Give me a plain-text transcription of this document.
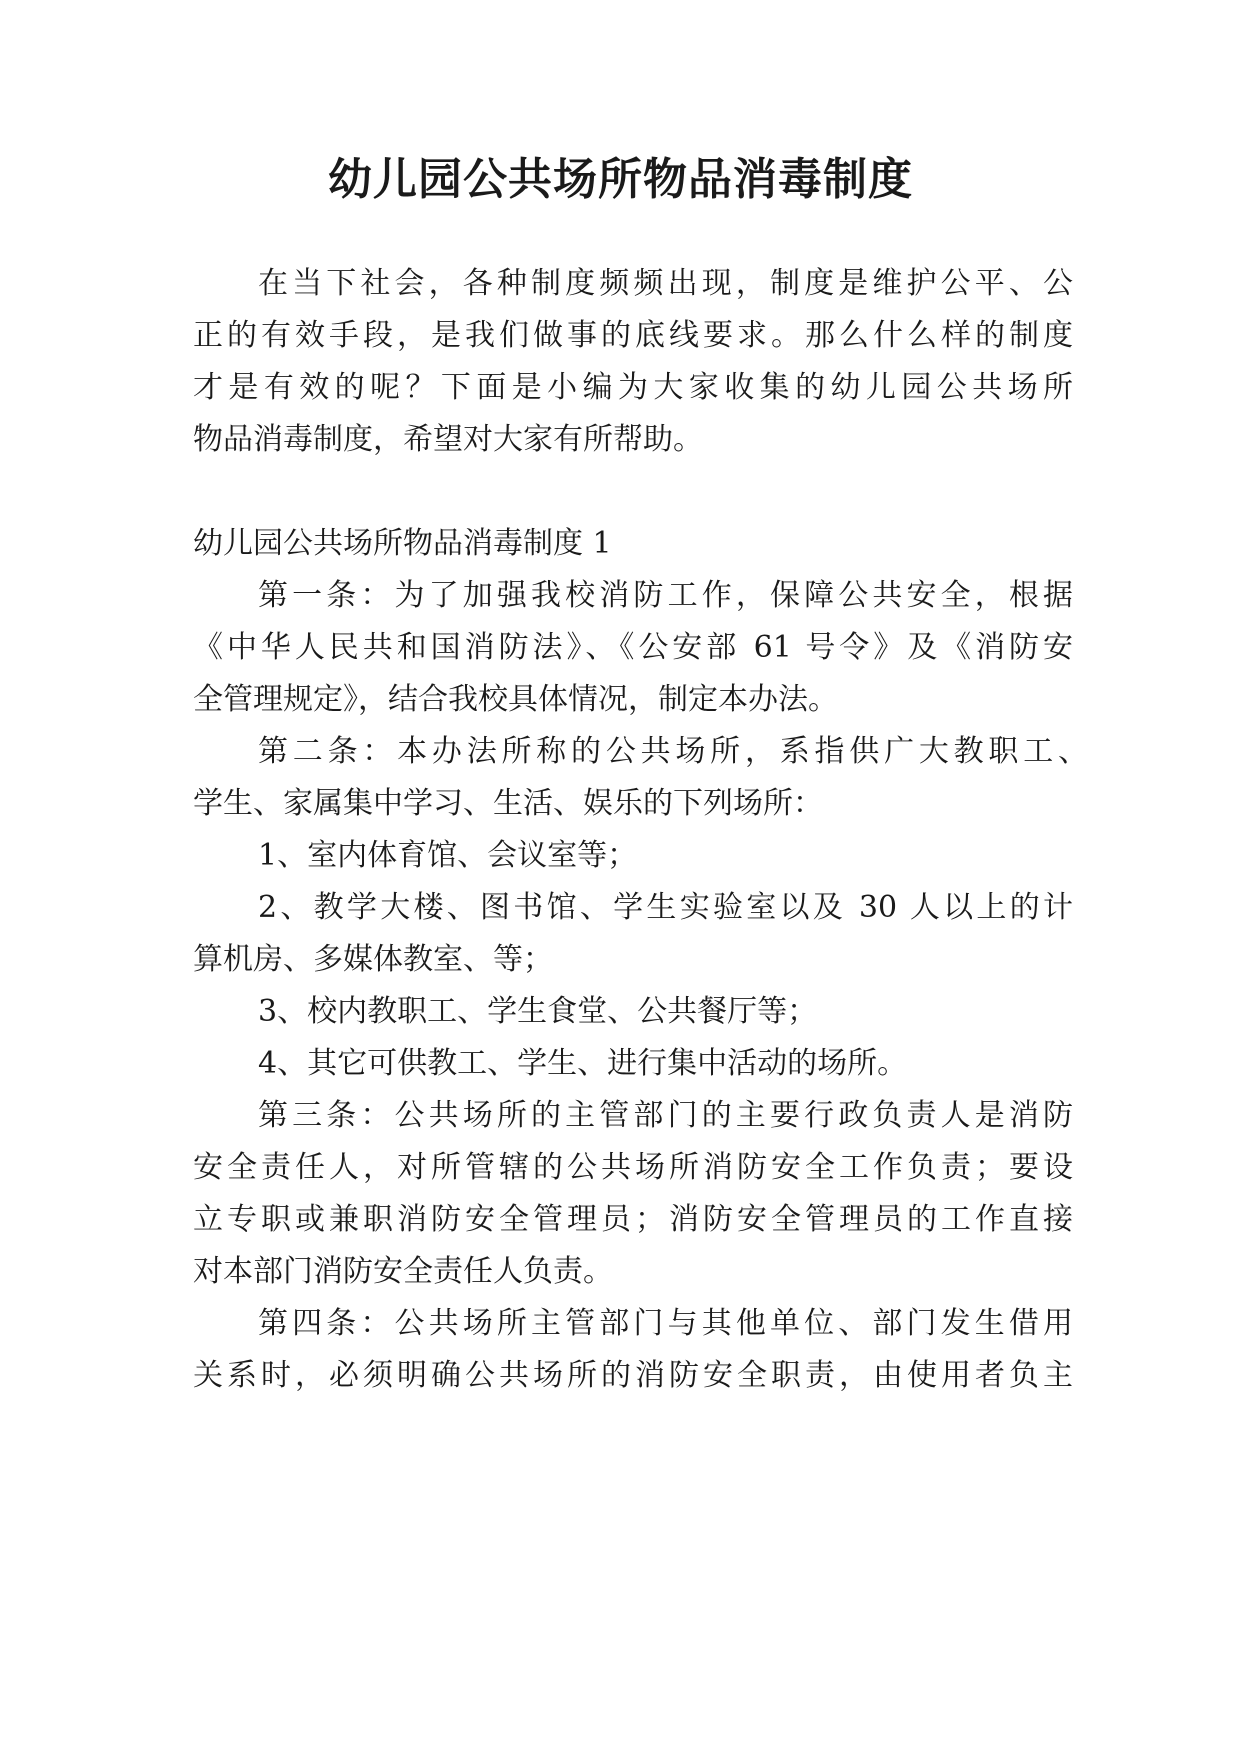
幼儿园公共场所物品消毒制度

在当下社会，各种制度频频出现，制度是维护公平、公

正的有效手段，是我们做事的底线要求。那么什么样的制度

才是有效的呢？下面是小编为大家收集的幼儿园公共场所

物品消毒制度，希望对大家有所帮助。

幼儿园公共场所物品消毒制度 1

第一条：为了加强我校消防工作，保障公共安全，根据

《中华人民共和国消防法》、《公安部 61 号令》及《消防安

全管理规定》，结合我校具体情况，制定本办法。

第二条：本办法所称的公共场所，系指供广大教职工、

学生、家属集中学习、生活、娱乐的下列场所：

1、室内体育馆、会议室等；

2、教学大楼、图书馆、学生实验室以及 30 人以上的计

算机房、多媒体教室、等；

3、校内教职工、学生食堂、公共餐厅等；

4、其它可供教工、学生、进行集中活动的场所。

第三条：公共场所的主管部门的主要行政负责人是消防

安全责任人，对所管辖的公共场所消防安全工作负责；要设

立专职或兼职消防安全管理员；消防安全管理员的工作直接

对本部门消防安全责任人负责。

第四条：公共场所主管部门与其他单位、部门发生借用

关系时，必须明确公共场所的消防安全职责，由使用者负主
